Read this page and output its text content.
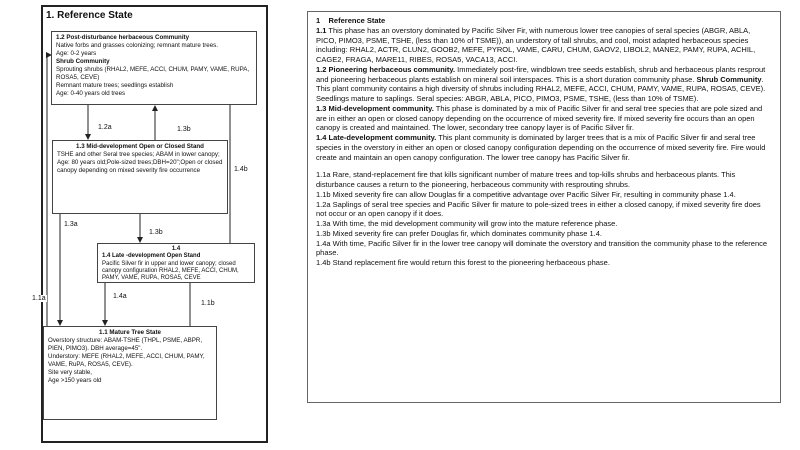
1. Reference State
1.2 Post-disturbance herbaceous Community
Native forbs and grasses colonizing; remnant mature trees.
Age: 0-2 years
Shrub Community
Sprouting shrubs (RHAL2, MEFE, ACCI, CHUM, PAMY, VAME, RUPA, ROSA5, CEVE)
Remnant mature trees; seedlings establish
Age: 0-40 years old trees
1.3 Mid-development Open or Closed Stand
TSHE and other Seral tree species; ABAM in lower canopy; Age: 80 years old;Pole-sized trees;DBH=20";Open or closed canopy depending on mixed severity fire occurrence
1.4
1.4 Late -development Open Stand
Pacific Silver fir in upper and lower canopy; closed canopy configuration RHAL2, MEFE, ACCI, CHUM, PAMY, VAME, RUPA, ROSA5, CEVE
1.1 Mature Tree State
Overstory structure: ABAM-TSHE (THPL, PSME, ABPR, PIEN, PIMO3). DBH average=45".
Understory: MEFE (RHAL2, MEFE, ACCI, CHUM, PAMY, VAME, RuPA, ROSA5, CEVE).
Site very stable,
Age >150 years old
1.2a	1.3b
1.3a
1.3b
1.4b
1.1a	1.4a
1.1b

1 Reference State

1.1 This phase has an overstory dominated by Pacific Silver Fir, with numerous lower tree canopies of seral species (ABGR, ABLA, PICO, PIMO3, PSME, TSHE, (less than 10% of TSME)), an understory of tall shrubs, and cool, moist adapted herbaceous species including: RHAL2, ACTR, CLUN2, GOOB2, MEFE, PYROL, VAME, CARU, CHUM, GAOV2, LIBOL2, MANE2, PAMY, RUPA, ACHIL, CAGE2, FRAGA, MARE11, RIBES, ROSA5, VACA13, ACCI.

1.2 Pioneering herbaceous community. Immediately post-fire, windblown tree seeds establish, shrub and herbaceous plants resprout and pioneering herbaceous plants establish on mineral soil interspaces. This is a short duration community phase. Shrub Community. This plant community contains a high diversity of shrubs including RHAL2, MEFE, ACCI, CHUM, PAMY, VAME, RUPA, ROSA5, CEVE). Seedlings mature to saplings. Seral species: ABGR, ABLA, PICO, PIMO3, PSME, TSHE, (less than 10% of TSME).

1.3 Mid-development community. This phase is dominated by a mix of Pacific Silver fir and seral tree species that are pole sized and are in either an open or closed canopy depending on the occurrence of mixed severity fire. If mixed severity fire occurs than an open canopy is created and maintained. The lower, secondary tree canopy layer is of Pacific Silver fir.

1.4 Late-development community. This plant community is dominated by larger trees that is a mix of Pacific Silver fir and seral tree species in the overstory in either an open or closed canopy configuration depending on the occurrence of mixed severity fire. Fire would create and maintain an open canopy configuration. The lower tree canopy has Pacific Silver fir.

1.1a Rare, stand-replacement fire that kills significant number of mature trees and top-kills shrubs and herbaceous plants. This disturbance causes a return to the pioneering, herbaceous community with resprouting shrubs.

1.1b Mixed severity fire can allow Douglas fir a competitive advantage over Pacific Silver Fir, resulting in community phase 1.4.

1.2a Saplings of seral tree species and Pacific Silver fir mature to pole-sized trees in either a closed canopy, if mixed severity fire does not occur or an open canopy if it does.

1.3a With time, the mid development community will grow into the mature reference phase.

1.3b Mixed severity fire can prefer Douglas fir, which dominates community phase 1.4.

1.4a With time, Pacific Silver fir in the lower tree canopy will dominate the overstory and transition the community phase to the reference phase.

1.4b Stand replacement fire would return this forest to the pioneering herbaceous phase.
